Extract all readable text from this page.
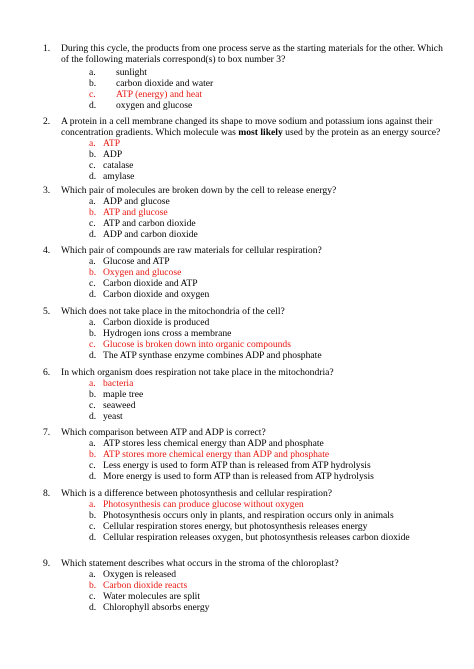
1. During this cycle, the products from one process serve as the starting materials for the other. Which of the following materials correspond(s) to box number 3?
a. sunlight
b. carbon dioxide and water
c. ATP (energy) and heat
d. oxygen and glucose
2. A protein in a cell membrane changed its shape to move sodium and potassium ions against their concentration gradients. Which molecule was most likely used by the protein as an energy source?
a. ATP
b. ADP
c. catalase
d. amylase
3. Which pair of molecules are broken down by the cell to release energy?
a. ADP and glucose
b. ATP and glucose
c. ATP and carbon dioxide
d. ADP and carbon dioxide
4. Which pair of compounds are raw materials for cellular respiration?
a. Glucose and ATP
b. Oxygen and glucose
c. Carbon dioxide and ATP
d. Carbon dioxide and oxygen
5. Which does not take place in the mitochondria of the cell?
a. Carbon dioxide is produced
b. Hydrogen ions cross a membrane
c. Glucose is broken down into organic compounds
d. The ATP synthase enzyme combines ADP and phosphate
6. In which organism does respiration not take place in the mitochondria?
a. bacteria
b. maple tree
c. seaweed
d. yeast
7. Which comparison between ATP and ADP is correct?
a. ATP stores less chemical energy than ADP and phosphate
b. ATP stores more chemical energy than ADP and phosphate
c. Less energy is used to form ATP than is released from ATP hydrolysis
d. More energy is used to form ATP than is released from ATP hydrolysis
8. Which is a difference between photosynthesis and cellular respiration?
a. Photosynthesis can produce glucose without oxygen
b. Photosynthesis occurs only in plants, and respiration occurs only in animals
c. Cellular respiration stores energy, but photosynthesis releases energy
d. Cellular respiration releases oxygen, but photosynthesis releases carbon dioxide
9. Which statement describes what occurs in the stroma of the chloroplast?
a. Oxygen is released
b. Carbon dioxide reacts
c. Water molecules are split
d. Chlorophyll absorbs energy
